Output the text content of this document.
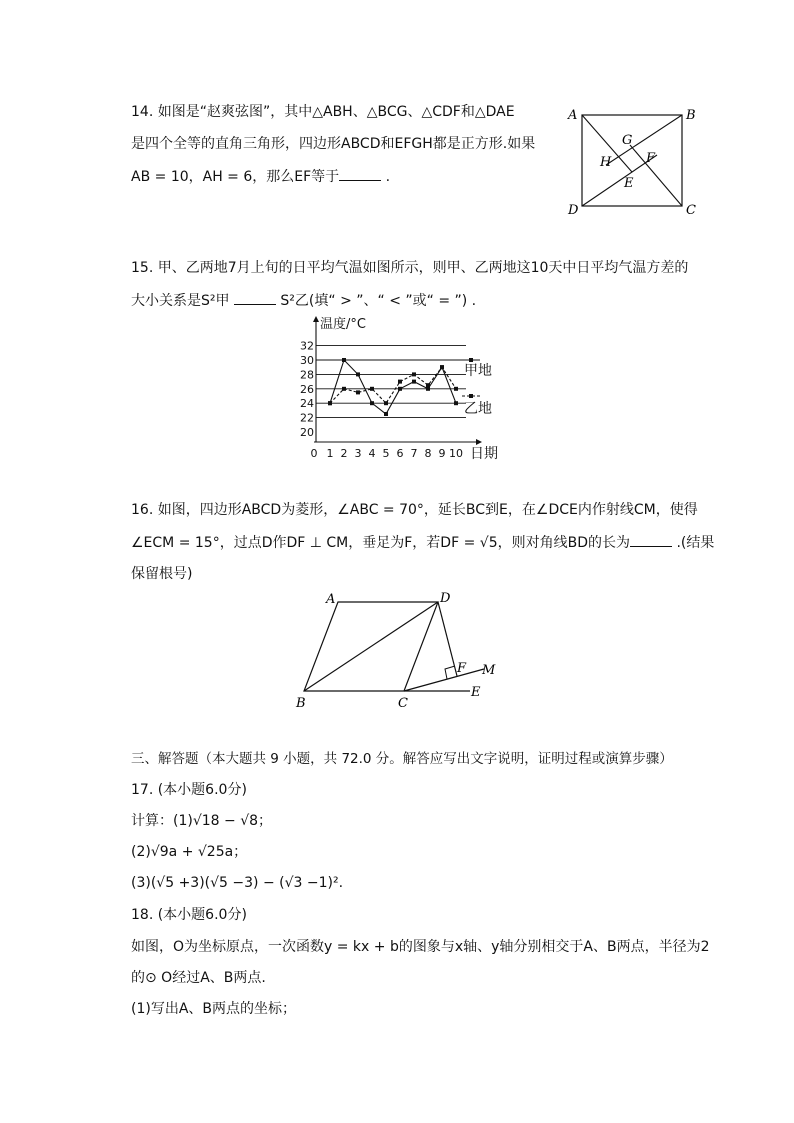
14. 如图是“赵爽弦图”，其中△ABH、△BCG、△CDF和△DAE
是四个全等的直角三角形，四边形ABCD和EFGH都是正方形.如果
AB = 10，AH = 6，那么EF等于	.
A	B
C
D
E
F
G
H
15. 甲、乙两地7月上旬的日平均气温如图所示，则甲、乙两地这10天中日平均气温方差的
大小关系是S²甲	S²乙(填“ > ”、“ < ”或“ = ”) .
32
30
28
26
24
22
20
0 1 2 3 4 5 6 7 8 9 10
温度/°C
日期
甲地
乙地
16. 如图，四边形ABCD为菱形，∠ABC = 70°，延长BC到E，在∠DCE内作射线CM，使得
∠ECM = 15°，过点D作DF ⊥ CM，垂足为F，若DF = √5，则对角线BD的长为	.(结果
保留根号)
A	D
B	C
E
F M
三、解答题（本大题共 9 小题，共 72.0 分。解答应写出文字说明，证明过程或演算步骤）
17. (本小题6.0分)
计算：(1)√18 − √8；
(2)√9a + √25a；
(3)(√5 +3)(√5 −3) − (√3 −1)².
18. (本小题6.0分)
如图，O为坐标原点，一次函数y = kx + b的图象与x轴、y轴分别相交于A、B两点，半径为2
的⊙ O经过A、B两点.
(1)写出A、B两点的坐标；
